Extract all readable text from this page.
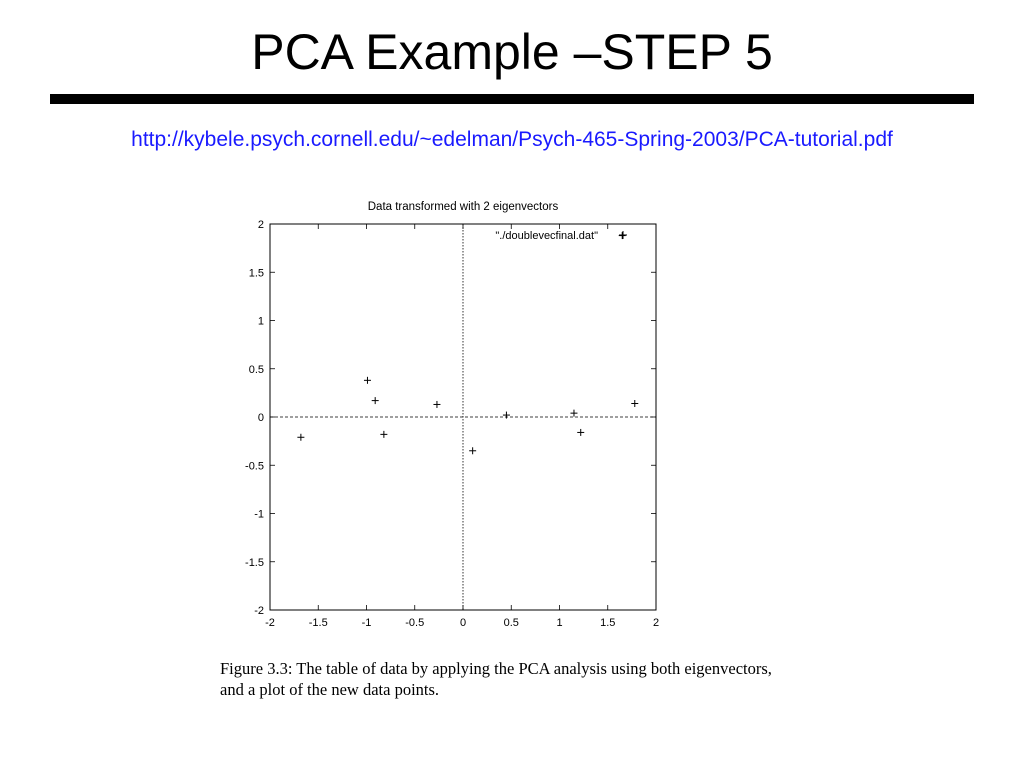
PCA Example –STEP 5
http://kybele.psych.cornell.edu/~edelman/Psych-465-Spring-2003/PCA-tutorial.pdf
Data transformed with 2 eigenvectors
-2	-1.5	-1	-0.5	0	0.5	1	1.5	2
2
1.5
1
0.5
0
-0.5
-1
-1.5
-2
"./doublevecfinal.dat"
Figure 3.3: The table of data by applying the PCA analysis using both eigenvectors,
and a plot of the new data points.
